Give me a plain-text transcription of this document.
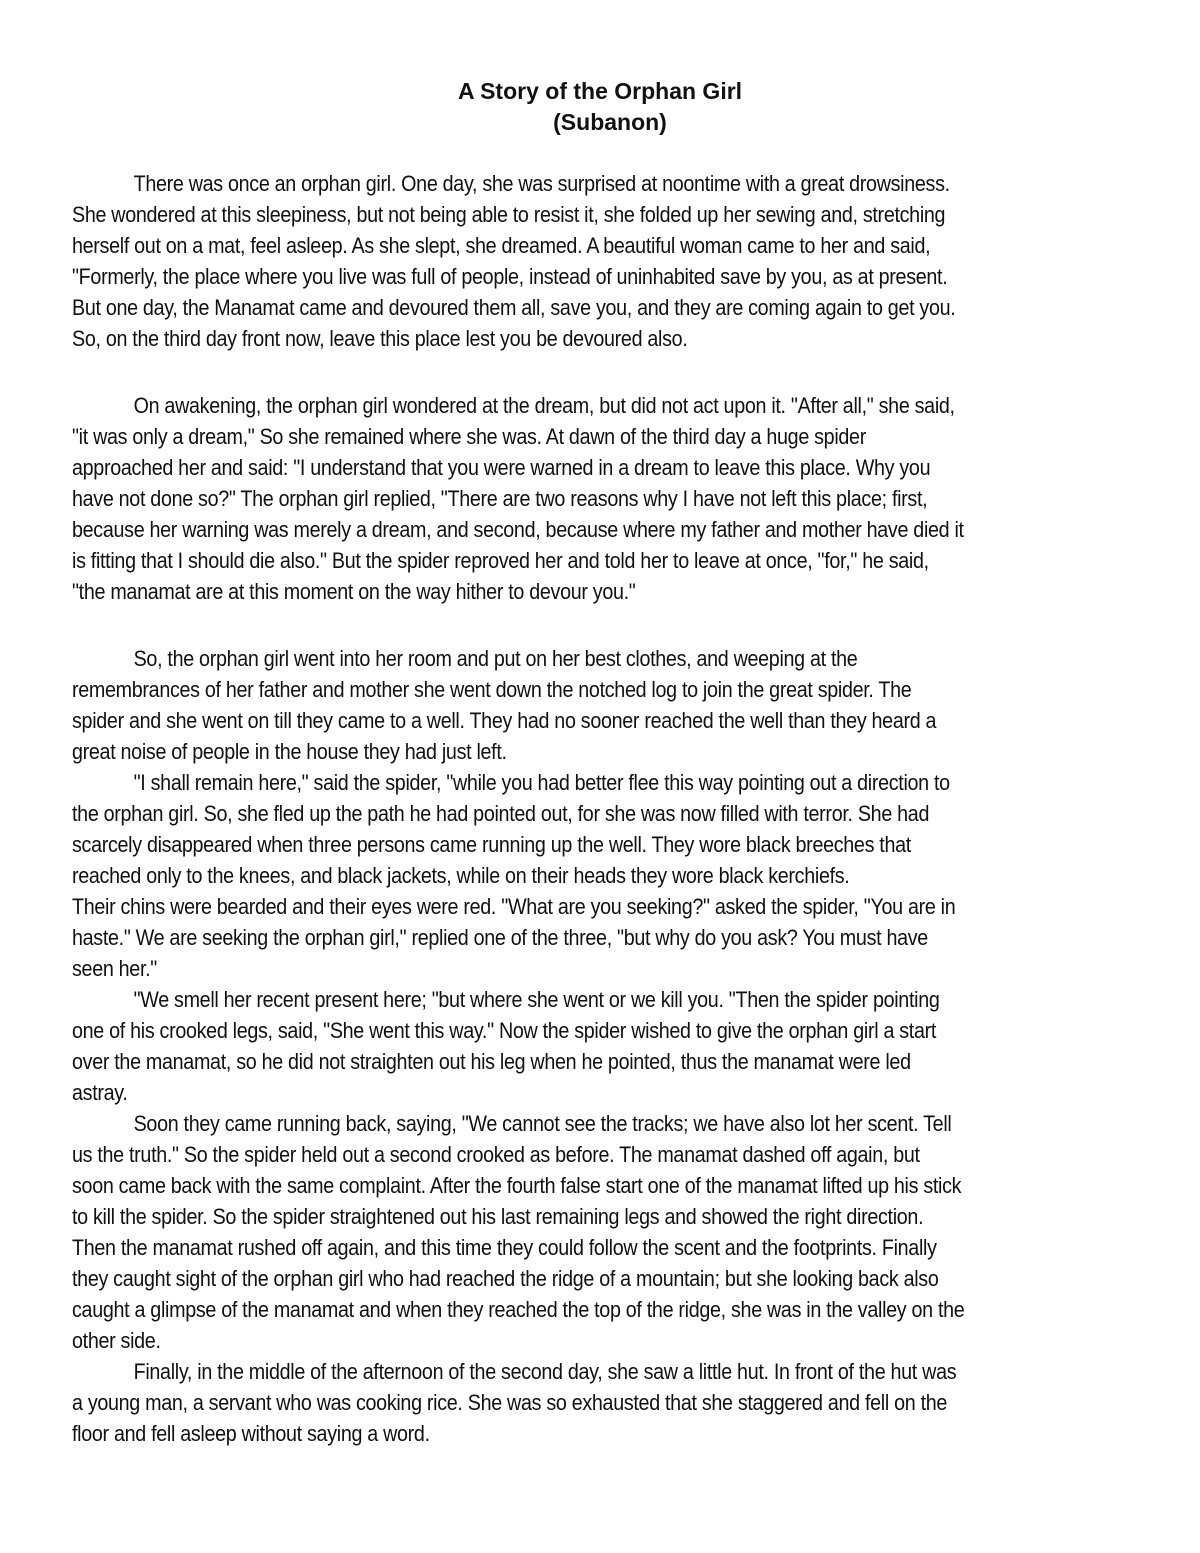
A Story of the Orphan Girl
(Subanon)
There was once an orphan girl. One day, she was surprised at noontime with a great drowsiness.
She wondered at this sleepiness, but not being able to resist it, she folded up her sewing and, stretching
herself out on a mat, feel asleep. As she slept, she dreamed. A beautiful woman came to her and said,
"Formerly, the place where you live was full of people, instead of uninhabited save by you, as at present.
But one day, the Manamat came and devoured them all, save you, and they are coming again to get you.
So, on the third day front now, leave this place lest you be devoured also.
On awakening, the orphan girl wondered at the dream, but did not act upon it. "After all," she said,
"it was only a dream," So she remained where she was. At dawn of the third day a huge spider
approached her and said: "I understand that you were warned in a dream to leave this place. Why you
have not done so?" The orphan girl replied, "There are two reasons why I have not left this place; first,
because her warning was merely a dream, and second, because where my father and mother have died it
is fitting that I should die also." But the spider reproved her and told her to leave at once, "for," he said,
"the manamat are at this moment on the way hither to devour you."
So, the orphan girl went into her room and put on her best clothes, and weeping at the
remembrances of her father and mother she went down the notched log to join the great spider. The
spider and she went on till they came to a well. They had no sooner reached the well than they heard a
great noise of people in the house they had just left.
"I shall remain here," said the spider, "while you had better flee this way pointing out a direction to
the orphan girl. So, she fled up the path he had pointed out, for she was now filled with terror. She had
scarcely disappeared when three persons came running up the well. They wore black breeches that
reached only to the knees, and black jackets, while on their heads they wore black kerchiefs.
Their chins were bearded and their eyes were red. "What are you seeking?" asked the spider, "You are in
haste." We are seeking the orphan girl," replied one of the three, "but why do you ask? You must have
seen her."
"We smell her recent present here; "but where she went or we kill you. "Then the spider pointing
one of his crooked legs, said, "She went this way." Now the spider wished to give the orphan girl a start
over the manamat, so he did not straighten out his leg when he pointed, thus the manamat were led
astray.
Soon they came running back, saying, "We cannot see the tracks; we have also lot her scent. Tell
us the truth." So the spider held out a second crooked as before. The manamat dashed off again, but
soon came back with the same complaint. After the fourth false start one of the manamat lifted up his stick
to kill the spider. So the spider straightened out his last remaining legs and showed the right direction.
Then the manamat rushed off again, and this time they could follow the scent and the footprints. Finally
they caught sight of the orphan girl who had reached the ridge of a mountain; but she looking back also
caught a glimpse of the manamat and when they reached the top of the ridge, she was in the valley on the
other side.
Finally, in the middle of the afternoon of the second day, she saw a little hut. In front of the hut was
a young man, a servant who was cooking rice. She was so exhausted that she staggered and fell on the
floor and fell asleep without saying a word.
